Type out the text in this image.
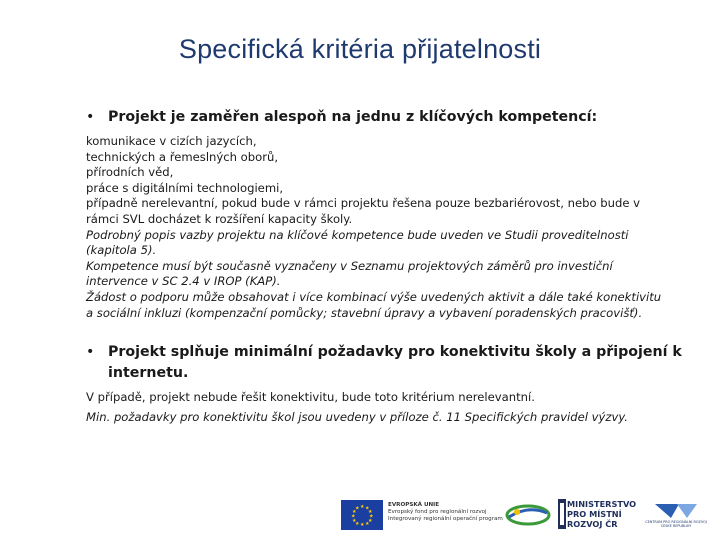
Specifická kritéria přijatelnosti
• Projekt je zaměřen alespoň na jednu z klíčových kompetencí:
komunikace v cizích jazycích,
technických a řemeslných oborů,
přírodních věd,
práce s digitálními technologiemi,
případně nerelevantní, pokud bude v rámci projektu řešena pouze bezbariérovost, nebo bude v
rámci SVL docházet k rozšíření kapacity školy.
Podrobný popis vazby projektu na klíčové kompetence bude uveden ve Studii proveditelnosti
(kapitola 5).
Kompetence musí být současně vyznačeny v Seznamu projektových záměrů pro investiční
intervence v SC 2.4 v IROP (KAP).
Žádost o podporu může obsahovat i více kombinací výše uvedených aktivit a dále také konektivitu
a sociální inkluzi (kompenzační pomůcky; stavební úpravy a vybavení poradenských pracovišť).
• Projekt splňuje minimální požadavky pro konektivitu školy a připojení k
internetu.
V případě, projekt nebude řešit konektivitu, bude toto kritérium nerelevantní.
Min. požadavky pro konektivitu škol jsou uvedeny v příloze č. 11 Specifických pravidel výzvy.
★ ★
★
★
★
★
★
★
★
★
★
★
EVROPSKÁ UNIE
Evropský fond pro regionální rozvoj
Integrovaný regionální operační program
MINISTERSTVO
PRO MÍSTNÍ
ROZVOJ ČR	CENTRUM PRO REGIONÁLNÍ ROZVOJ
ČESKÉ REPUBLIKY
